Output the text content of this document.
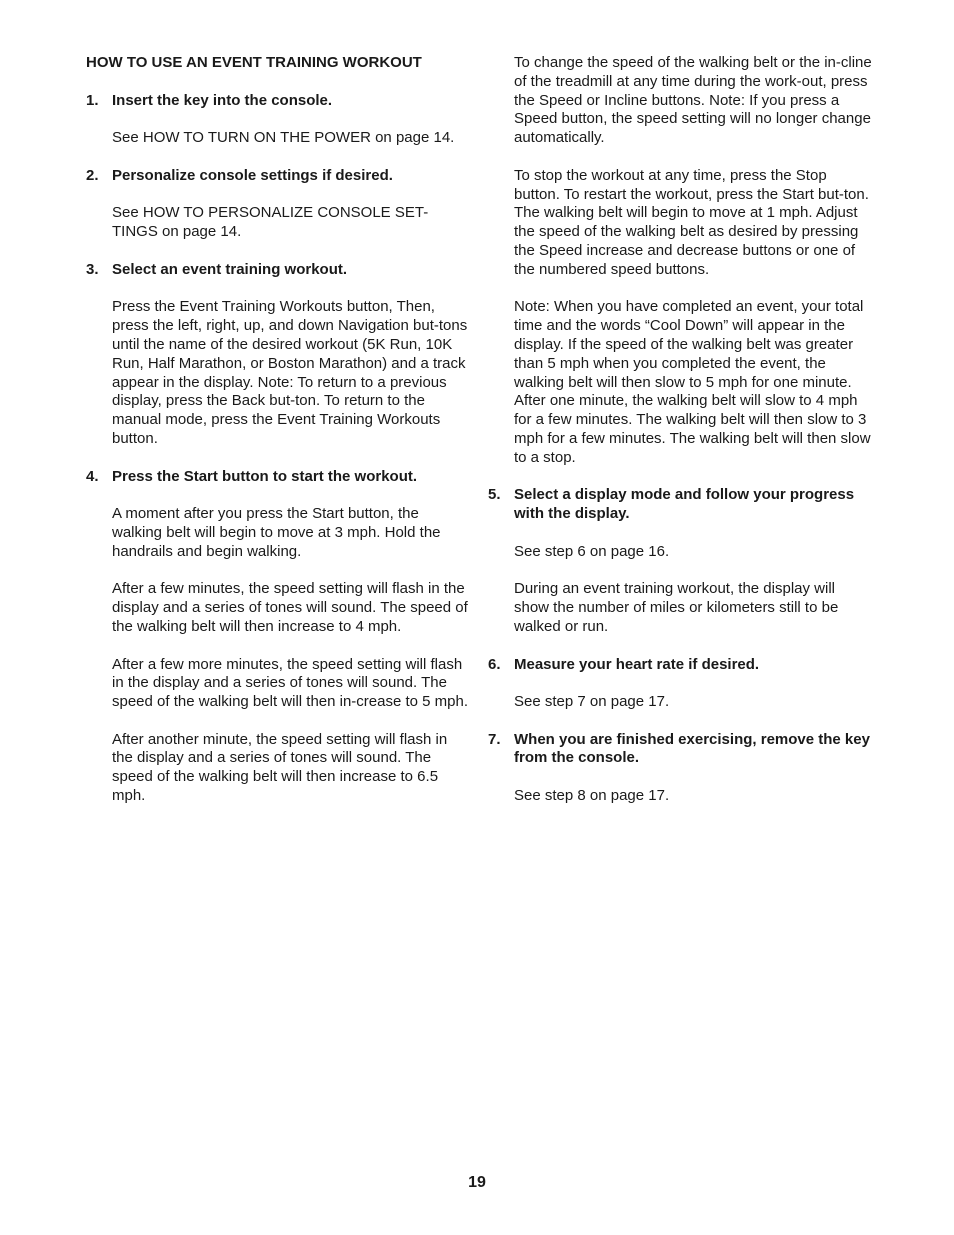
HOW TO USE AN EVENT TRAINING WORKOUT
1. Insert the key into the console.

See HOW TO TURN ON THE POWER on page 14.

2. Personalize console settings if desired.

See HOW TO PERSONALIZE CONSOLE SET-TINGS on page 14.

3. Select an event training workout.

Press the Event Training Workouts button, Then, press the left, right, up, and down Navigation but-tons until the name of the desired workout (5K Run, 10K Run, Half Marathon, or Boston Marathon) and a track appear in the display. Note: To return to a previous display, press the Back but-ton. To return to the manual mode, press the Event Training Workouts button.

4. Press the Start button to start the workout.

A moment after you press the Start button, the walking belt will begin to move at 3 mph. Hold the handrails and begin walking.

After a few minutes, the speed setting will flash in the display and a series of tones will sound. The speed of the walking belt will then increase to 4 mph.

After a few more minutes, the speed setting will flash in the display and a series of tones will sound. The speed of the walking belt will then in-crease to 5 mph.

After another minute, the speed setting will flash in the display and a series of tones will sound. The speed of the walking belt will then increase to 6.5 mph.

To change the speed of the walking belt or the in-cline of the treadmill at any time during the work-out, press the Speed or Incline buttons. Note: If you press a Speed button, the speed setting will no longer change automatically.

To stop the workout at any time, press the Stop button. To restart the workout, press the Start but-ton. The walking belt will begin to move at 1 mph. Adjust the speed of the walking belt as desired by pressing the Speed increase and decrease buttons or one of the numbered speed buttons.

Note: When you have completed an event, your total time and the words “Cool Down” will appear in the display. If the speed of the walking belt was greater than 5 mph when you completed the event, the walking belt will then slow to 5 mph for one minute. After one minute, the walking belt will slow to 4 mph for a few minutes. The walking belt will then slow to 3 mph for a few minutes. The walking belt will then slow to a stop.

5. Select a display mode and follow your progress with the display.

See step 6 on page 16.

During an event training workout, the display will show the number of miles or kilometers still to be walked or run.

6. Measure your heart rate if desired.

See step 7 on page 17.

7. When you are finished exercising, remove the key from the console.

See step 8 on page 17.

19
